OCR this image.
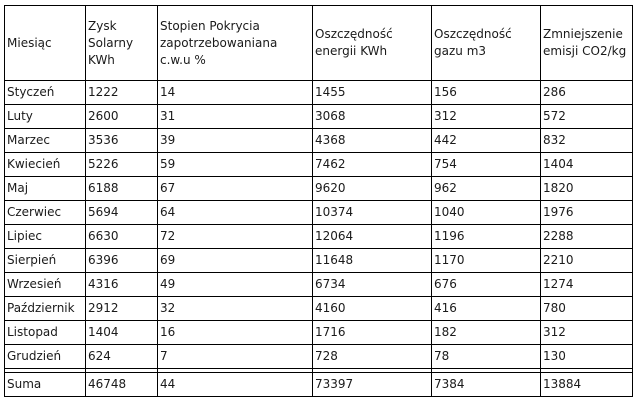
Miesiąc	Zysk Solarny KWh	Stopien Pokrycia zapotrzebowaniana c.w.u %	Oszczędność energii KWh	Oszczędność gazu m3	Zmniejszenie emisji CO2/kg
Styczeń	1222	14	1455	156	286
Luty	2600	31	3068	312	572
Marzec	3536	39	4368	442	832
Kwiecień	5226	59	7462	754	1404
Maj	6188	67	9620	962	1820
Czerwiec	5694	64	10374	1040	1976
Lipiec	6630	72	12064	1196	2288
Sierpień	6396	69	11648	1170	2210
Wrzesień	4316	49	6734	676	1274
Październik	2912	32	4160	416	780
Listopad	1404	16	1716	182	312
Grudzień	624	7	728	78	130

Suma	46748	44	73397	7384	13884
